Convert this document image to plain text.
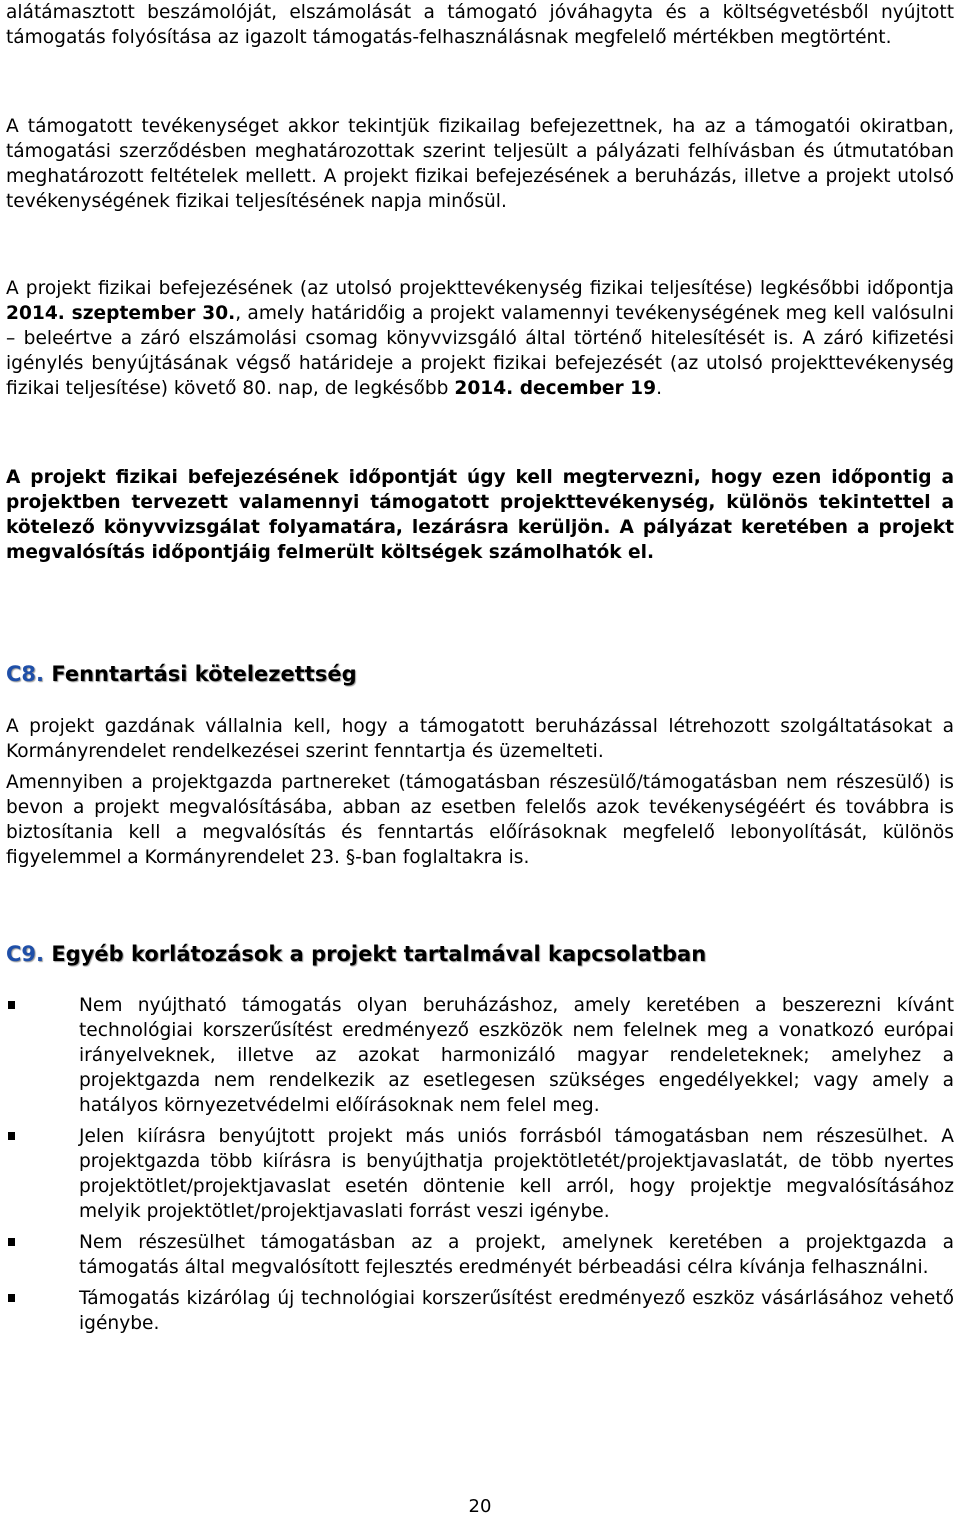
alátámasztott beszámolóját, elszámolását a támogató jóváhagyta és a költségvetésből nyújtott támogatás folyósítása az igazolt támogatás-felhasználásnak megfelelő mértékben megtörtént.

A támogatott tevékenységet akkor tekintjük fizikailag befejezettnek, ha az a támogatói okiratban, támogatási szerződésben meghatározottak szerint teljesült a pályázati felhívásban és útmutatóban meghatározott feltételek mellett. A projekt fizikai befejezésének a beruházás, illetve a projekt utolsó tevékenységének fizikai teljesítésének napja minősül.

A projekt fizikai befejezésének (az utolsó projekttevékenység fizikai teljesítése) legkésőbbi időpontja 2014. szeptember 30., amely határidőig a projekt valamennyi tevékenységének meg kell valósulni – beleértve a záró elszámolási csomag könyvvizsgáló által történő hitelesítését is. A záró kifizetési igénylés benyújtásának végső határideje a projekt fizikai befejezését (az utolsó projekttevékenység fizikai teljesítése) követő 80. nap, de legkésőbb 2014. december 19.

A projekt fizikai befejezésének időpontját úgy kell megtervezni, hogy ezen időpontig a projektben tervezett valamennyi támogatott projekttevékenység, különös tekintettel a kötelező könyvvizsgálat folyamatára, lezárásra kerüljön. A pályázat keretében a projekt megvalósítás időpontjáig felmerült költségek számolhatók el.

C8. Fenntartási kötelezettség

A projekt gazdának vállalnia kell, hogy a támogatott beruházással létrehozott szolgáltatásokat a Kormányrendelet rendelkezései szerint fenntartja és üzemelteti.

Amennyiben a projektgazda partnereket (támogatásban részesülő/támogatásban nem részesülő) is bevon a projekt megvalósításába, abban az esetben felelős azok tevékenységéért és továbbra is biztosítania kell a megvalósítás és fenntartás előírásoknak megfelelő lebonyolítását, különös figyelemmel a Kormányrendelet 23. §-ban foglaltakra is.

C9. Egyéb korlátozások a projekt tartalmával kapcsolatban

Nem nyújtható támogatás olyan beruházáshoz, amely keretében a beszerezni kívánt technológiai korszerűsítést eredményező eszközök nem felelnek meg a vonatkozó európai irányelveknek, illetve az azokat harmonizáló magyar rendeleteknek; amelyhez a projektgazda nem rendelkezik az esetlegesen szükséges engedélyekkel; vagy amely a hatályos környezetvédelmi előírásoknak nem felel meg.

Jelen kiírásra benyújtott projekt más uniós forrásból támogatásban nem részesülhet. A projektgazda több kiírásra is benyújthatja projektötletét/projektjavaslatát, de több nyertes projektötlet/projektjavaslat esetén döntenie kell arról, hogy projektje megvalósításához melyik projektötlet/projektjavaslati forrást veszi igénybe.

Nem részesülhet támogatásban az a projekt, amelynek keretében a projektgazda a támogatás által megvalósított fejlesztés eredményét bérbeadási célra kívánja felhasználni.

Támogatás kizárólag új technológiai korszerűsítést eredményező eszköz vásárlásához vehető igénybe.

20
